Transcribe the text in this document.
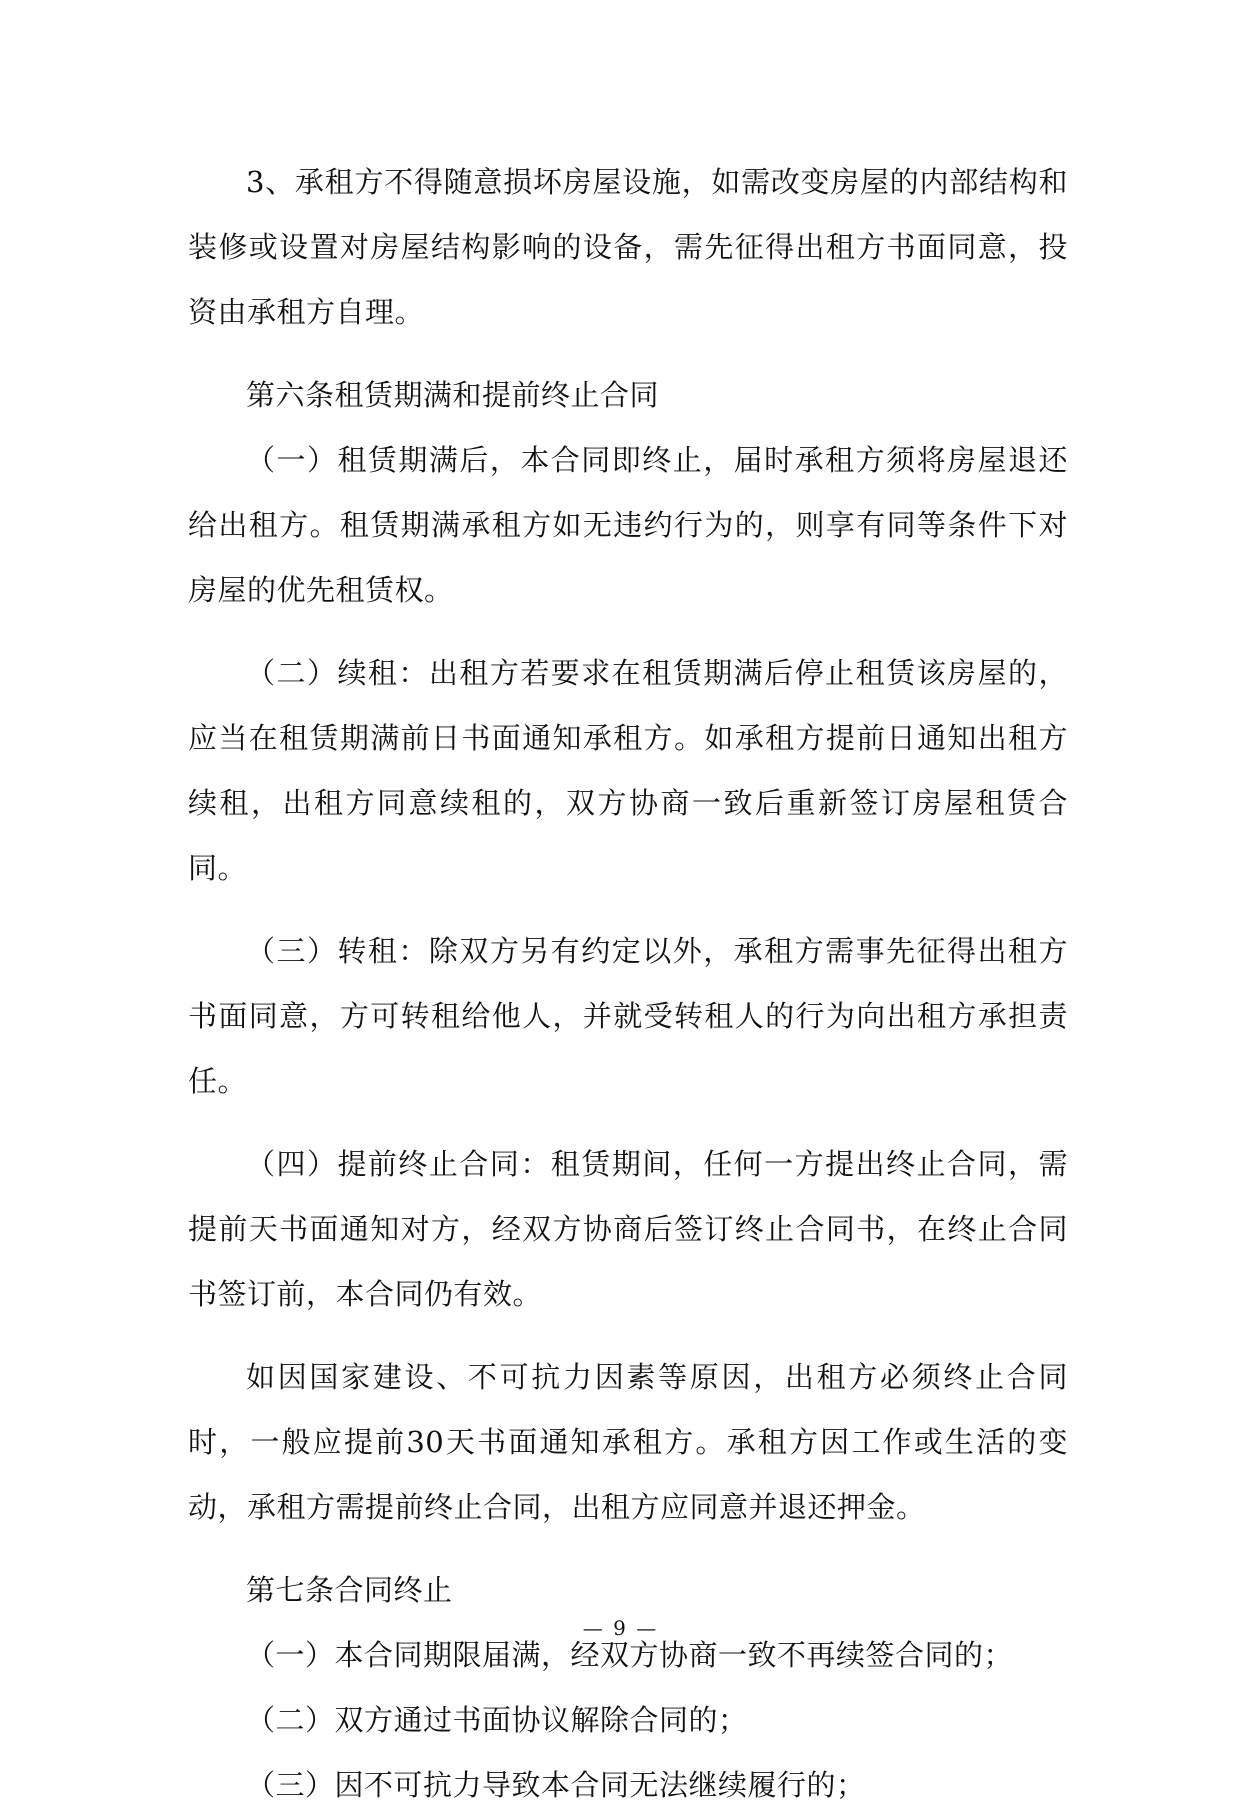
3、承租方不得随意损坏房屋设施，如需改变房屋的内部结构和装修或设置对房屋结构影响的设备，需先征得出租方书面同意，投资由承租方自理。

第六条租赁期满和提前终止合同

（一）租赁期满后，本合同即终止，届时承租方须将房屋退还给出租方。租赁期满承租方如无违约行为的，则享有同等条件下对房屋的优先租赁权。

（二）续租：出租方若要求在租赁期满后停止租赁该房屋的，应当在租赁期满前日书面通知承租方。如承租方提前日通知出租方续租，出租方同意续租的，双方协商一致后重新签订房屋租赁合同。

（三）转租：除双方另有约定以外，承租方需事先征得出租方书面同意，方可转租给他人，并就受转租人的行为向出租方承担责任。

（四）提前终止合同：租赁期间，任何一方提出终止合同，需提前天书面通知对方，经双方协商后签订终止合同书，在终止合同书签订前，本合同仍有效。

如因国家建设、不可抗力因素等原因，出租方必须终止合同时，一般应提前30天书面通知承租方。承租方因工作或生活的变动，承租方需提前终止合同，出租方应同意并退还押金。

第七条合同终止

（一）本合同期限届满，经双方协商一致不再续签合同的；

（二）双方通过书面协议解除合同的；

（三）因不可抗力导致本合同无法继续履行的；

— 9 —
